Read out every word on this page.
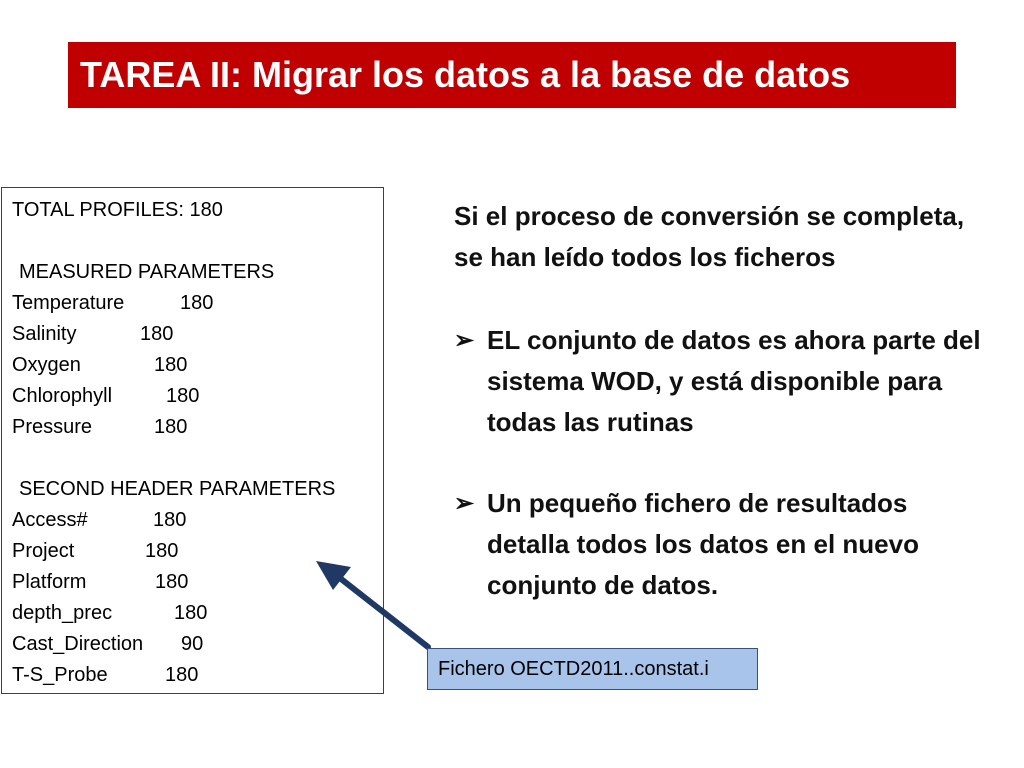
TAREA II: Migrar los datos a la base de datos
TOTAL PROFILES: 180
MEASURED PARAMETERS
Temperature	180
Salinity	180
Oxygen	180
Chlorophyll	180
Pressure	180
SECOND HEADER PARAMETERS
Access#	180
Project	180
Platform	180
depth_prec	180
Cast_Direction 90
T-S_Probe	180

Si el proceso de conversión se completa, se han leído todos los ficheros

➢ EL conjunto de datos es ahora parte del sistema WOD, y está disponible para todas las rutinas
➢ Un pequeño fichero de resultados detalla todos los datos en el nuevo conjunto de datos.
Fichero OECTD2011..constat.i
